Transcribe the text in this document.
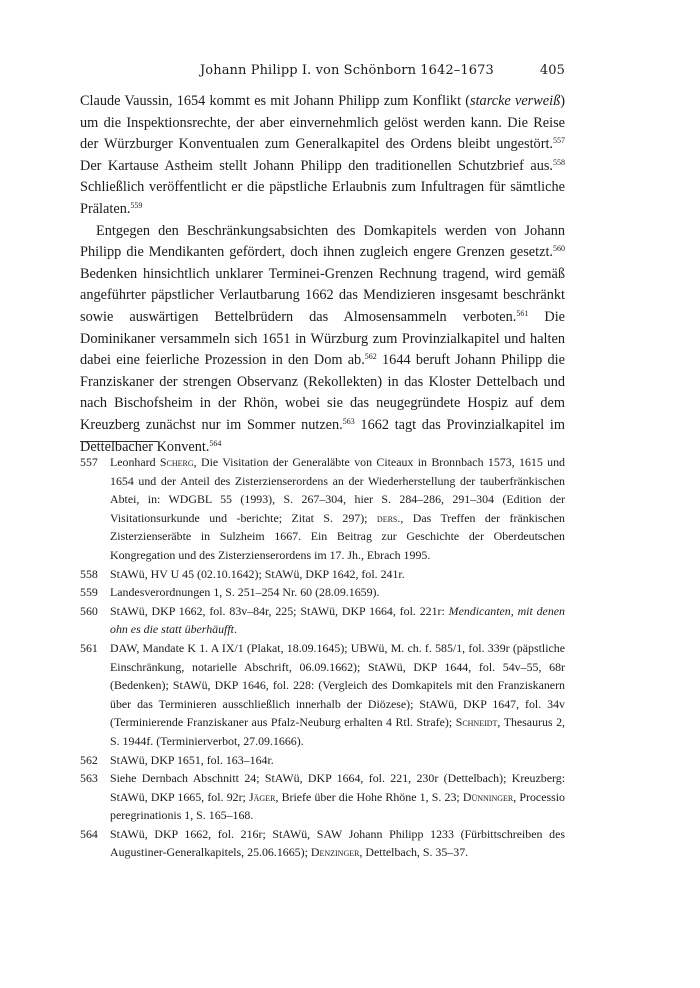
Johann Philipp I. von Schönborn 1642–1673	405

Claude Vaussin, 1654 kommt es mit Johann Philipp zum Konflikt (starcke verweiß) um die Inspektionsrechte, der aber einvernehmlich gelöst werden kann. Die Reise der Würzburger Konventualen zum Generalkapitel des Ordens bleibt ungestört.$^{557}$ Der Kartause Astheim stellt Johann Philipp den traditionellen Schutzbrief aus.$^{558}$ Schließlich veröffentlicht er die päpstliche Erlaubnis zum Infultragen für sämtliche Prälaten.$^{559}$

Entgegen den Beschränkungsabsichten des Domkapitels werden von Johann Philipp die Mendikanten gefördert, doch ihnen zugleich engere Grenzen gesetzt.$^{560}$ Bedenken hinsichtlich unklarer Terminei-Grenzen Rechnung tragend, wird gemäß angeführter päpstlicher Verlautbarung 1662 das Mendizieren insgesamt beschränkt sowie auswärtigen Bettelbrüdern das Almosensammeln verboten.$^{561}$ Die Dominikaner versammeln sich 1651 in Würzburg zum Provinzialkapitel und halten dabei eine feierliche Prozession in den Dom ab.$^{562}$ 1644 beruft Johann Philipp die Franziskaner der strengen Observanz (Rekollekten) in das Kloster Dettelbach und nach Bischofsheim in der Rhön, wobei sie das neugegründete Hospiz auf dem Kreuzberg zunächst nur im Sommer nutzen.$^{563}$ 1662 tagt das Provinzialkapitel im Dettelbacher Konvent.$^{564}$

557	Leonhard Scherg, Die Visitation der Generaläbte von Citeaux in Bronnbach 1573, 1615 und 1654 und der Anteil des Zisterzienserordens an der Wiederherstellung der tauberfränkischen Abtei, in: WDGBL 55 (1993), S. 267–304, hier S. 284–286, 291–304 (Edition der Visitationsurkunde und -berichte; Zitat S. 297); ders., Das Treffen der fränkischen Zisterzienseräbte in Sulzheim 1667. Ein Beitrag zur Geschichte der Oberdeutschen Kongregation und des Zisterzienserordens im 17. Jh., Ebrach 1995.
558	StAWü, HV U 45 (02.10.1642); StAWü, DKP 1642, fol. 241r.
559	Landesverordnungen 1, S. 251–254 Nr. 60 (28.09.1659).
560	StAWü, DKP 1662, fol. 83v–84r, 225; StAWü, DKP 1664, fol. 221r: Mendicanten, mit denen ohn es die statt überhäufft.
561	DAW, Mandate K 1. A IX/1 (Plakat, 18.09.1645); UBWü, M. ch. f. 585/1, fol. 339r (päpstliche Einschränkung, notarielle Abschrift, 06.09.1662); StAWü, DKP 1644, fol. 54v–55, 68r (Bedenken); StAWü, DKP 1646, fol. 228: (Vergleich des Domkapitels mit den Franziskanern über das Terminieren ausschließlich innerhalb der Diözese); StAWü, DKP 1647, fol. 34v (Terminierende Franziskaner aus Pfalz-Neuburg erhalten 4 Rtl. Strafe); Schneidt, Thesaurus 2, S. 1944f. (Terminierverbot, 27.09.1666).
562	StAWü, DKP 1651, fol. 163–164r.
563	Siehe Dernbach Abschnitt 24; StAWü, DKP 1664, fol. 221, 230r (Dettelbach); Kreuzberg: StAWü, DKP 1665, fol. 92r; Jäger, Briefe über die Hohe Rhöne 1, S. 23; Dünninger, Processio peregrinationis 1, S. 165–168.
564	StAWü, DKP 1662, fol. 216r; StAWü, SAW Johann Philipp 1233 (Fürbittschreiben des Augustiner-Generalkapitels, 25.06.1665); Denzinger, Dettelbach, S. 35–37.
